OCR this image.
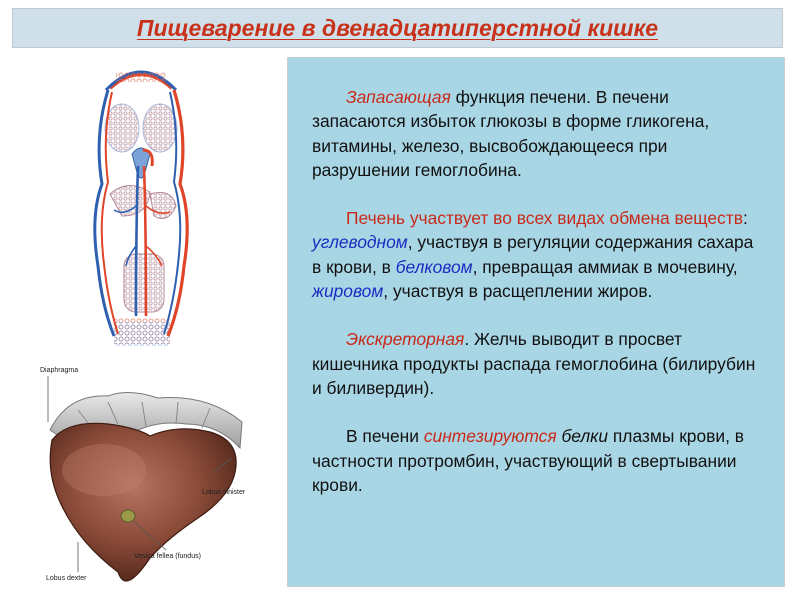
Пищеварение в двенадцатиперстной кишке
Diaphragma
Lobus sinister
Vesica fellea (fundus)
Lobus dexter

Запасающая функция печени. В печени запасаются избыток глюкозы в форме гликогена, витамины, железо, высвобождающееся при разрушении гемоглобина.

Печень участвует во всех видах обмена веществ: углеводном, участвуя в регуляции содержания сахара в крови, в белковом, превращая аммиак в мочевину, жировом, участвуя в расщеплении жиров.

Экскреторная. Желчь выводит в просвет кишечника продукты распада гемоглобина (билирубин и биливердин).

В печени синтезируются белки плазмы крови, в частности протромбин, участвующий в свертывании крови.
